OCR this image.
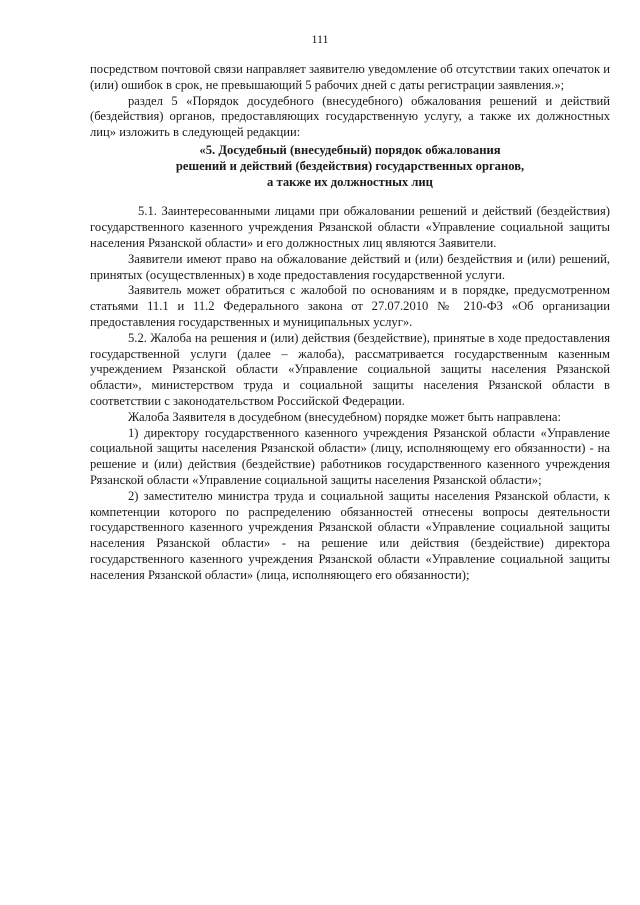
111

посредством почтовой связи направляет заявителю уведомление об отсутствии таких опечаток и (или) ошибок в срок, не превышающий 5 рабочих дней с даты регистрации заявления.»;

раздел 5 «Порядок досудебного (внесудебного) обжалования решений и действий (бездействия) органов, предоставляющих государственную услугу, а также их должностных лиц» изложить в следующей редакции:

«5. Досудебный (внесудебный) порядок обжалования
решений и действий (бездействия) государственных органов,
а также их должностных лиц

5.1. Заинтересованными лицами при обжаловании решений и действий (бездействия) государственного казенного учреждения Рязанской области «Управление социальной защиты населения Рязанской области» и его должностных лиц являются Заявители.

Заявители имеют право на обжалование действий и (или) бездействия и (или) решений, принятых (осуществленных) в ходе предоставления государственной услуги.

Заявитель может обратиться с жалобой по основаниям и в порядке, предусмотренном статьями 11.1 и 11.2 Федерального закона от 27.07.2010 № 210-ФЗ «Об организации предоставления государственных и муниципальных услуг».

5.2. Жалоба на решения и (или) действия (бездействие), принятые в ходе предоставления государственной услуги (далее – жалоба), рассматривается государственным казенным учреждением Рязанской области «Управление социальной защиты населения Рязанской области», министерством труда и социальной защиты населения Рязанской области в соответствии с законодательством Российской Федерации.

Жалоба Заявителя в досудебном (внесудебном) порядке может быть направлена:

1) директору государственного казенного учреждения Рязанской области «Управление социальной защиты населения Рязанской области» (лицу, исполняющему его обязанности) - на решение и (или) действия (бездействие) работников государственного казенного учреждения Рязанской области «Управление социальной защиты населения Рязанской области»;

2) заместителю министра труда и социальной защиты населения Рязанской области, к компетенции которого по распределению обязанностей отнесены вопросы деятельности государственного казенного учреждения Рязанской области «Управление социальной защиты населения Рязанской области» - на решение или действия (бездействие) директора государственного казенного учреждения Рязанской области «Управление социальной защиты населения Рязанской области» (лица, исполняющего его обязанности);
